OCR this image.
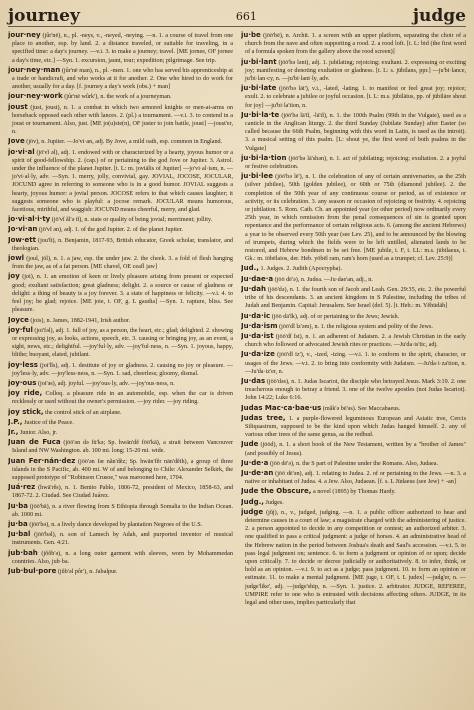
journey	661	judge

jour·ney (jûr'nē), n., pl. -neys, v., -neyed, -neying. —n. 1. a course of travel from one place to another, esp. by land. 2. a distance traveled, or suitable for traveling, in a specified time: a day's journey. —v.i. 3. to make a journey; travel. [ME jornee, OF jornee a day's time, etc.] —Syn. 1. excursion, jaunt, tour; expedition; pilgrimage. See trip.

jour·ney·man (jûr'nē man), n., pl. -men. 1. one who has served his apprenticeship at a trade or handicraft, and who works at it for another. 2. One who hired to do work for another, usually for a day. [f. journey a day's work (obs.) + man]

jour·ney·work (jûr'nē wûrk'), n. the work of a journeyman.

joust (just, joust), n. 1. a combat in which two armored knights or men-at-arms on horseback opposed each other with lances. 2. (pl.) a tournament. —v.i. 3. to contend in a joust or tournament. Also, just. [ME jo(u)ste(n), OF juster to join battle, joust] —joust'er, n.

Jove (jōv), n. Jupiter. —Jo'vi·an, adj. By Jove, a mild oath, esp. common in England.

jo·vi·al (jō'vĭ əl), adj. 1. endowed with or characterized by a hearty, joyous humor or a spirit of good-fellowship. 2. (cap.) of or pertaining to the god Jove or Jupiter. 3. Astrol. under the influence of the planet Jupiter. [t. L: m. joviālis of Jupiter] —jo'vi·al·ism, n. —jo'vi·al·ly, adv. —Syn. 1. merry, jolly, convivial, gay. JOVIAL, JOCOSE, JOCULAR, JOCUND agree in referring to someone who is in a good humor. JOVIAL suggests a hearty, joyous humor: a jovial person. JOCOSE refers to that which causes laughter; it suggests someone who is playful: a jocose remark. JOCULAR means humorous, facetious, mirthful, and waggish: JOCUND means cheerful, merry, and glad.

jo·vi·al·i·ty (jō'vĭ ăl'ə tĭ), n. state or quality of being jovial; merriment; jollity.

Jo·vi·an (jō'vĭ ən), adj. 1. of the god Jupiter. 2. of the planet Jupiter.

Jow·ett (jou'ĭt), n. Benjamin, 1817-93, British educator, Greek scholar, translator, and theologian.

jowl (joul, jōl), n. 1. a jaw, esp. the under jaw. 2. the cheek. 3. a fold of flesh hanging from the jaw, as of a fat person. [ME chavel, OE ceafl jaw]

joy (joi), n. 1. an emotion of keen or lively pleasure arising from present or expected good; exultant satisfaction; great gladness; delight. 2. a source or cause of gladness or delight: a thing of beauty is a joy forever. 3. a state of happiness or felicity. —v.i. 4. to feel joy; be glad; rejoice. [ME joie, t. OF, g. L gaudia] —Syn. 1. rapture, bliss. See pleasure.

Joyce (jois), n. James, 1882-1941, Irish author.

joy·ful (joi'fəl), adj. 1. full of joy, as a person, the heart, etc.; glad; delighted. 2. showing or expressing joy, as looks, actions, speech, etc. 3. causing or bringing joy, as an event, a sight, news, etc.; delightful. —joy'ful·ly, adv. —joy'ful·ness, n. —Syn. 1. joyous, happy, blithe; buoyant, elated, jubilant.

joy·less (joi'lĭs), adj. 1. destitute of joy or gladness. 2. causing no joy or pleasure. —joy'less·ly, adv. —joy'less·ness, n. —Syn. 1. sad, cheerless; gloomy, dismal.

joy·ous (joi'əs), adj. joyful. —joy'ous·ly, adv. —joy'ous·ness, n.

joy ride, Colloq. a pleasure ride in an automobile, esp. when the car is driven recklessly or used without the owner's permission. —joy rider. —joy riding.

joy stick, the control stick of an airplane.

J.P., Justice of the Peace.

Jr., Junior. Also, jr.

Juan de Fuca (jōō'ən də fū'kə; Sp. hwän'dĕ fōō'kä), a strait between Vancouver Island and NW Washington. ab. 100 mi. long; 15-20 mi. wide.

Juan Fer·nán·dez (jōō'ən fər năn'dĕz; Sp. hwän'fĕr nän'dĕth), a group of three islands in the S Pacific, ab. 400 mi. W of and belonging to Chile: Alexander Selkirk, the supposed prototype of "Robinson Crusoe," was marooned here, 1704.

Juá·rez (hwä'rĕs), n. 1. Benito Pablo, 1806-72, president of Mexico, 1858-63, and 1867-72. 2. Ciudad. See Ciudad Juárez.

Ju·ba (jōō'bä), n. a river flowing from S Ethiopia through Somalia to the Indian Ocean. ab. 1000 mi.

ju·ba (jōō'bə), n. a lively dance developed by plantation Negroes of the U.S.

Ju·bal (jōō'bəl), n. son of Lamech by Adah, and purported inventor of musical instruments. Gen. 4:21.

jub·bah (jŏŏb'ə), n. a long outer garment with sleeves, worn by Mohammedan countries. Also, jub·ba.

Jub·bul·pore (jŭb'əl pôr'), n. Jabalpur.

ju·be (jōō'bē), n. Archit. 1. a screen with an upper platform, separating the choir of a church from the nave and often supporting a rood. 2. a rood loft. [t. L: bid (the first word of a formula spoken from the gallery above the rood screen)]

ju·bi·lant (jōō'bə lənt), adj. 1. jubilating; rejoicing; exultant. 2. expressing or exciting joy; manifesting or denoting exultation or gladness. [t. L: s. jūbilans, ppr.] —ju'bi·lance, ju'bi·lan·cy, n. —ju'bi·lant·ly, adv.

ju·bi·late (jōō'bə lāt'), v.i., -lated, -lating. 1. to manifest or feel great joy; rejoice; exult. 2. to celebrate a jubilee or joyful occasion. [t. L: m.s. jūbilātus, pp. of jūbilāre shout for joy] —ju'bi·la'tion, n.

Ju·bi·la·te (jōō'bə lä'tĭ, -lā'tĭ), n. 1. the 100th Psalm (99th in the Vulgate), used as a canticle in the Anglican liturgy. 2. the third Sunday (Jubilate Sunday) after Easter (so called because the 66th Psalm, beginning with this word in Latin, is used as the introit). 3. a musical setting of this psalm. [L: shout ye, the first word of both psalms in the Vulgate]

ju·bi·la·tion (jōō'bə lā'shən), n. 1. act of jubilating; rejoicing; exultation. 2. a joyful or festive celebration.

ju·bi·lee (jōō'bə lē'), n. 1. the celebration of any of certain anniversaries, as the 25th (silver jubilee), 50th (golden jubilee), or 60th or 75th (diamond jubilee). 2. the completion of the 50th year of any continuous course or period, as of existence or activity, or its celebration. 3. any season or occasion of rejoicing or festivity. 4. rejoicing or jubilation. 5. Rom. Cath. Ch. an appointed year (or other period) now ordinarily every 25th year, in which remission from the penal consequences of sin is granted upon repentance and the performance of certain religious acts. 6. (among the ancient Hebrews) a year to be observed every 50th year (see Lev. 25), and to be announced by the blowing of trumpets, during which the fields were to be left untilled, alienated lands to be restored, and Hebrew bondmen to be set free. [ME jubile, t. F, t. LL: m.s. jūbilaeus, t. Gk.: m. iōbēlaios, der. Heb. yōbēl ram, ram's horn (used as a trumpet; cf. Lev. 25:9)]

Jud., 1. Judges. 2. Judith (Apocrypha).

Ju·dae·a (jōō dē'ə), n. Judea. —Ju·dae'an, adj., n.

Ju·dah (jōō'də), n. 1. the fourth son of Jacob and Leah. Gen. 29:35, etc. 2. the powerful tribe of his descendants. 3. an ancient kingdom in S Palestine, including the tribes of Judah and Benjamin. Capital: Jerusalem. See Israel (def. 5). [t. Heb.: m. Yĕhūdāh]

Ju·da·ic (jōō dā'ĭk), adj. of or pertaining to the Jews; Jewish.

Ju·da·ism (jōō'dĭ ĭz'əm), n. 1. the religious system and polity of the Jews.

Ju·da·ist (jōō'dĭ ĭst), n. 1. an adherent of Judaism. 2. a Jewish Christian in the early church who followed or advocated Jewish rites or practices. —Ju'da·is'tic, adj.

Ju·da·ize (jōō'dĭ īz'), v., -ized, -izing. —v.i. 1. to conform to the spirit, character, or usages of the Jews. —v.t. 2. to bring into conformity with Judaism. —Ju'da·i·za'tion, n. —Ju'da·iz'er, n.

Ju·das (jōō'dəs), n. 1. Judas Iscariot, the disciple who betrayed Jesus. Mark 3:19. 2. one treacherous enough to betray a friend. 3. one of the twelve apostles (not Judas Iscariot). John 14:22; Luke 6:16.

Judas Mac·ca·bae·us (măk'ə bē'əs). See Maccabaeus.

Judas tree, 1. a purple-flowered leguminous European and Asiatic tree, Cercis Siliquastrum, supposed to be the kind upon which Judas hanged himself. 2. any of various other trees of the same genus, as the redbud.

Jude (jōōd), n. 1. a short book of the New Testament, written by a "brother of James" (and possibly of Jesus).

Ju·de·a (jōō dē'ə), n. the S part of Palestine under the Romans. Also, Judaea.

Ju·de·an (jōō dē'ən), adj. 1. relating to Judea. 2. of or pertaining to the Jews. —n. 3. a native or inhabitant of Judea. 4. a Jew. Also, Judaean. [f. s. L Jūdaeus (see Jew) + -an]

Jude the Obscure, a novel (1895) by Thomas Hardy.

Judg., Judges.

judge (jŭj), n., v., judged, judging. —n. 1. a public officer authorized to hear and determine causes in a court of law; a magistrate charged with the administering of justice. 2. a person appointed to decide in any competition or contest; an authorized arbiter. 3. one qualified to pass a critical judgment: a judge of horses. 4. an administrative head of the Hebrew nation in the period between Joshua's death and Saul's accession. —v.t. 5. to pass legal judgment on; sentence. 6. to form a judgment or opinion of or upon; decide upon critically. 7. to decide or decree judicially or authoritatively. 8. to infer, think, or hold as an opinion. —v.i. 9. to act as a judge; pass judgment. 10. to form an opinion or estimate. 11. to make a mental judgment. [ME juge, t. OF, t. L judex] —judg'er, n. —judge'like', adj. —judge'ship, n. —Syn. 1. justice. 2. arbitrator. JUDGE, REFEREE, UMPIRE refer to one who is entrusted with decisions affecting others. JUDGE, in its legal and other uses, implies particularly that
